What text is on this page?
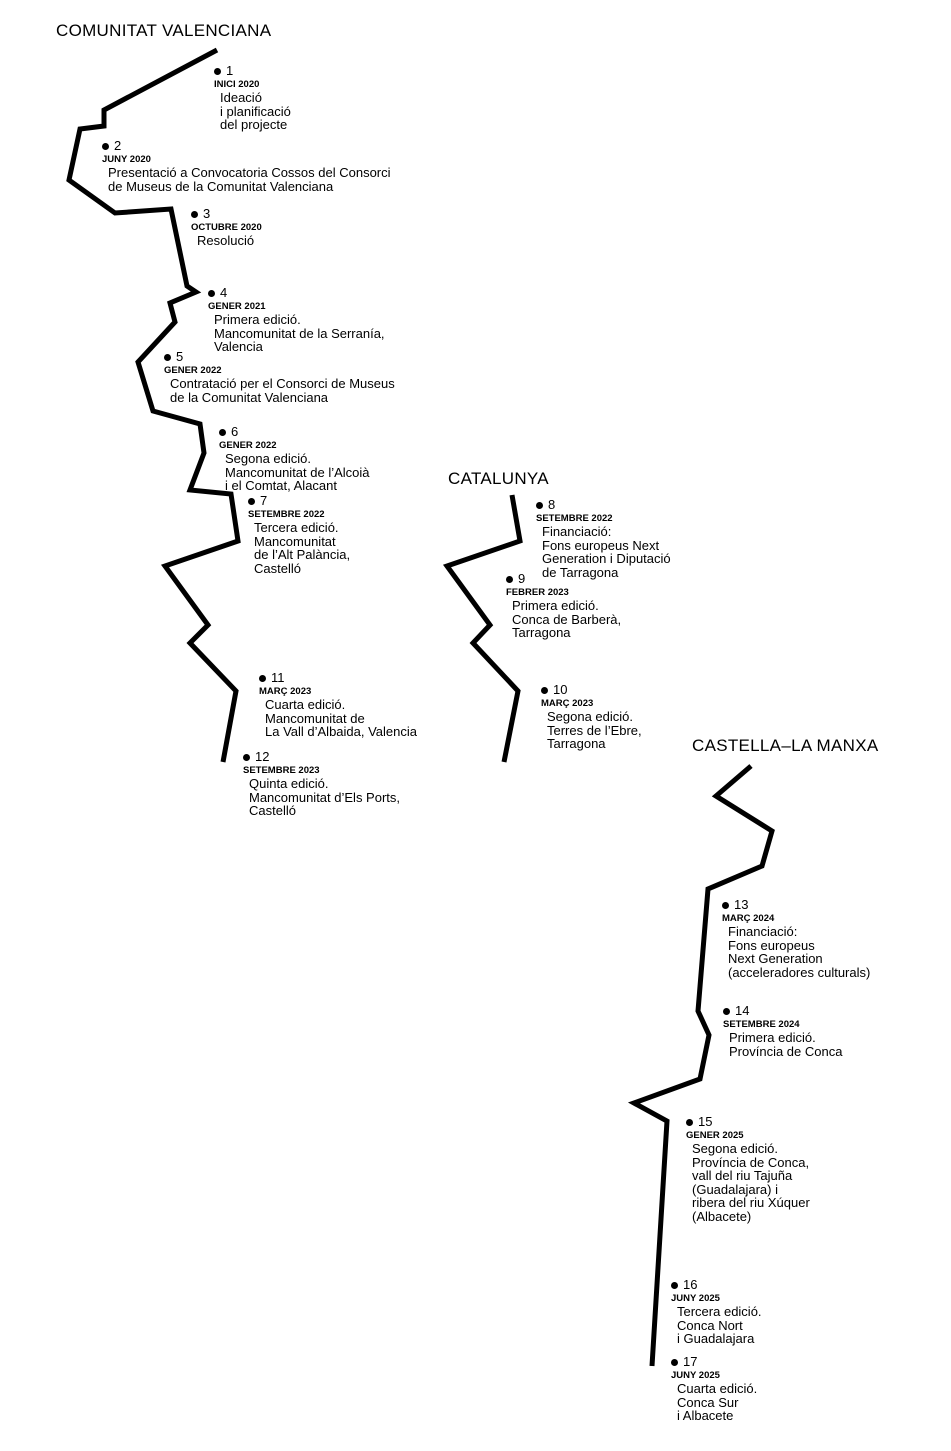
COMUNITAT VALENCIANA
CATALUNYA
CASTELLA–LA MANXA
1
INICI 2020
Ideació
i planificació
del projecte
2
JUNY 2020
Presentació a Convocatoria Cossos del Consorci
de Museus de la Comunitat Valenciana
3
OCTUBRE 2020
Resolució
4
GENER 2021
Primera edició.
Mancomunitat de la Serranía,
Valencia
5
GENER 2022
Contratació per el Consorci de Museus
de la Comunitat Valenciana
6
GENER 2022
Segona edició.
Mancomunitat de l’Alcoià
i el Comtat, Alacant
7
SETEMBRE 2022
Tercera edició.
Mancomunitat
de l’Alt Palància,
Castelló
8
SETEMBRE 2022
Financiació:
Fons europeus Next
Generation i Diputació
de Tarragona
9
FEBRER 2023
Primera edició.
Conca de Barberà,
Tarragona
10
MARÇ 2023
Segona edició.
Terres de l’Ebre,
Tarragona
11
MARÇ 2023
Cuarta edició.
Mancomunitat de
La Vall d’Albaida, Valencia
12
SETEMBRE 2023
Quinta edició.
Mancomunitat d’Els Ports,
Castelló
13
MARÇ 2024
Financiació:
Fons europeus
Next Generation
(acceleradores culturals)
14
SETEMBRE 2024
Primera edició.
Província de Conca
15
GENER 2025
Segona edició.
Província de Conca,
vall del riu Tajuña
(Guadalajara) i
ribera del riu Xúquer
(Albacete)
16
JUNY 2025
Tercera edició.
Conca Nort
i Guadalajara
17
JUNY 2025
Cuarta edició.
Conca Sur
i Albacete
